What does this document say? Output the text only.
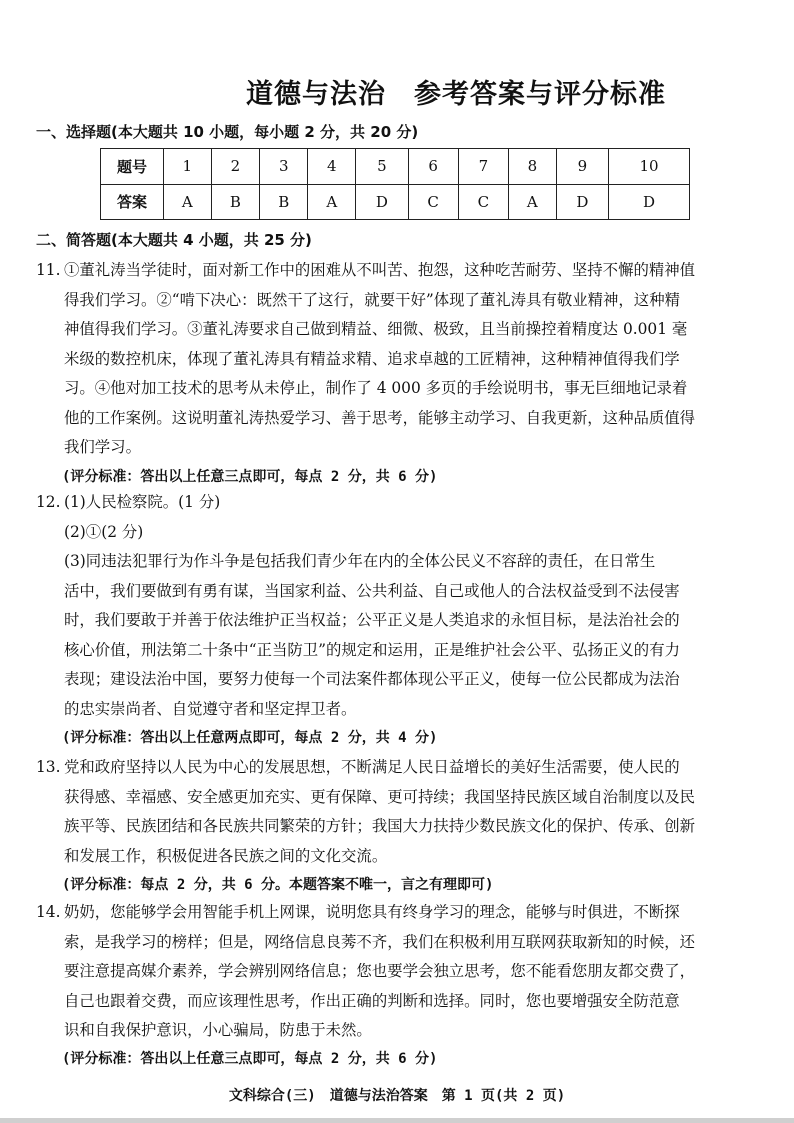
道德与法治 参考答案与评分标准
一、选择题(本大题共 10 小题，每小题 2 分，共 20 分)
题号	1	2	3	4	5	6	7	8	9	10
答案	A	B	B	A	D	C	C	A	D	D
二、简答题(本大题共 4 小题，共 25 分)
11. ①董礼涛当学徒时，面对新工作中的困难从不叫苦、抱怨，这种吃苦耐劳、坚持不懈的精神值
得我们学习。②“啃下决心：既然干了这行，就要干好”体现了董礼涛具有敬业精神，这种精
神值得我们学习。③董礼涛要求自己做到精益、细微、极致，且当前操控着精度达 0.001 毫
米级的数控机床，体现了董礼涛具有精益求精、追求卓越的工匠精神，这种精神值得我们学
习。④他对加工技术的思考从未停止，制作了 4 000 多页的手绘说明书，事无巨细地记录着
他的工作案例。这说明董礼涛热爱学习、善于思考，能够主动学习、自我更新，这种品质值得
我们学习。
(评分标准：答出以上任意三点即可，每点 2 分，共 6 分)
12. (1)人民检察院。(1 分)
(2)①(2 分)
(3)同违法犯罪行为作斗争是包括我们青少年在内的全体公民义不容辞的责任，在日常生
活中，我们要做到有勇有谋，当国家利益、公共利益、自己或他人的合法权益受到不法侵害
时，我们要敢于并善于依法维护正当权益；公平正义是人类追求的永恒目标，是法治社会的
核心价值，刑法第二十条中“正当防卫”的规定和运用，正是维护社会公平、弘扬正义的有力
表现；建设法治中国，要努力使每一个司法案件都体现公平正义，使每一位公民都成为法治
的忠实崇尚者、自觉遵守者和坚定捍卫者。
(评分标准：答出以上任意两点即可，每点 2 分，共 4 分)
13. 党和政府坚持以人民为中心的发展思想，不断满足人民日益增长的美好生活需要，使人民的
获得感、幸福感、安全感更加充实、更有保障、更可持续；我国坚持民族区域自治制度以及民
族平等、民族团结和各民族共同繁荣的方针；我国大力扶持少数民族文化的保护、传承、创新
和发展工作，积极促进各民族之间的文化交流。
(评分标准：每点 2 分，共 6 分。本题答案不唯一，言之有理即可)
14. 奶奶，您能够学会用智能手机上网课，说明您具有终身学习的理念，能够与时俱进，不断探
索，是我学习的榜样；但是，网络信息良莠不齐，我们在积极利用互联网获取新知的时候，还
要注意提高媒介素养，学会辨别网络信息；您也要学会独立思考，您不能看您朋友都交费了，
自己也跟着交费，而应该理性思考，作出正确的判断和选择。同时，您也要增强安全防范意
识和自我保护意识，小心骗局，防患于未然。
(评分标准：答出以上任意三点即可，每点 2 分，共 6 分)
文科综合(三) 道德与法治答案 第 1 页(共 2 页)
